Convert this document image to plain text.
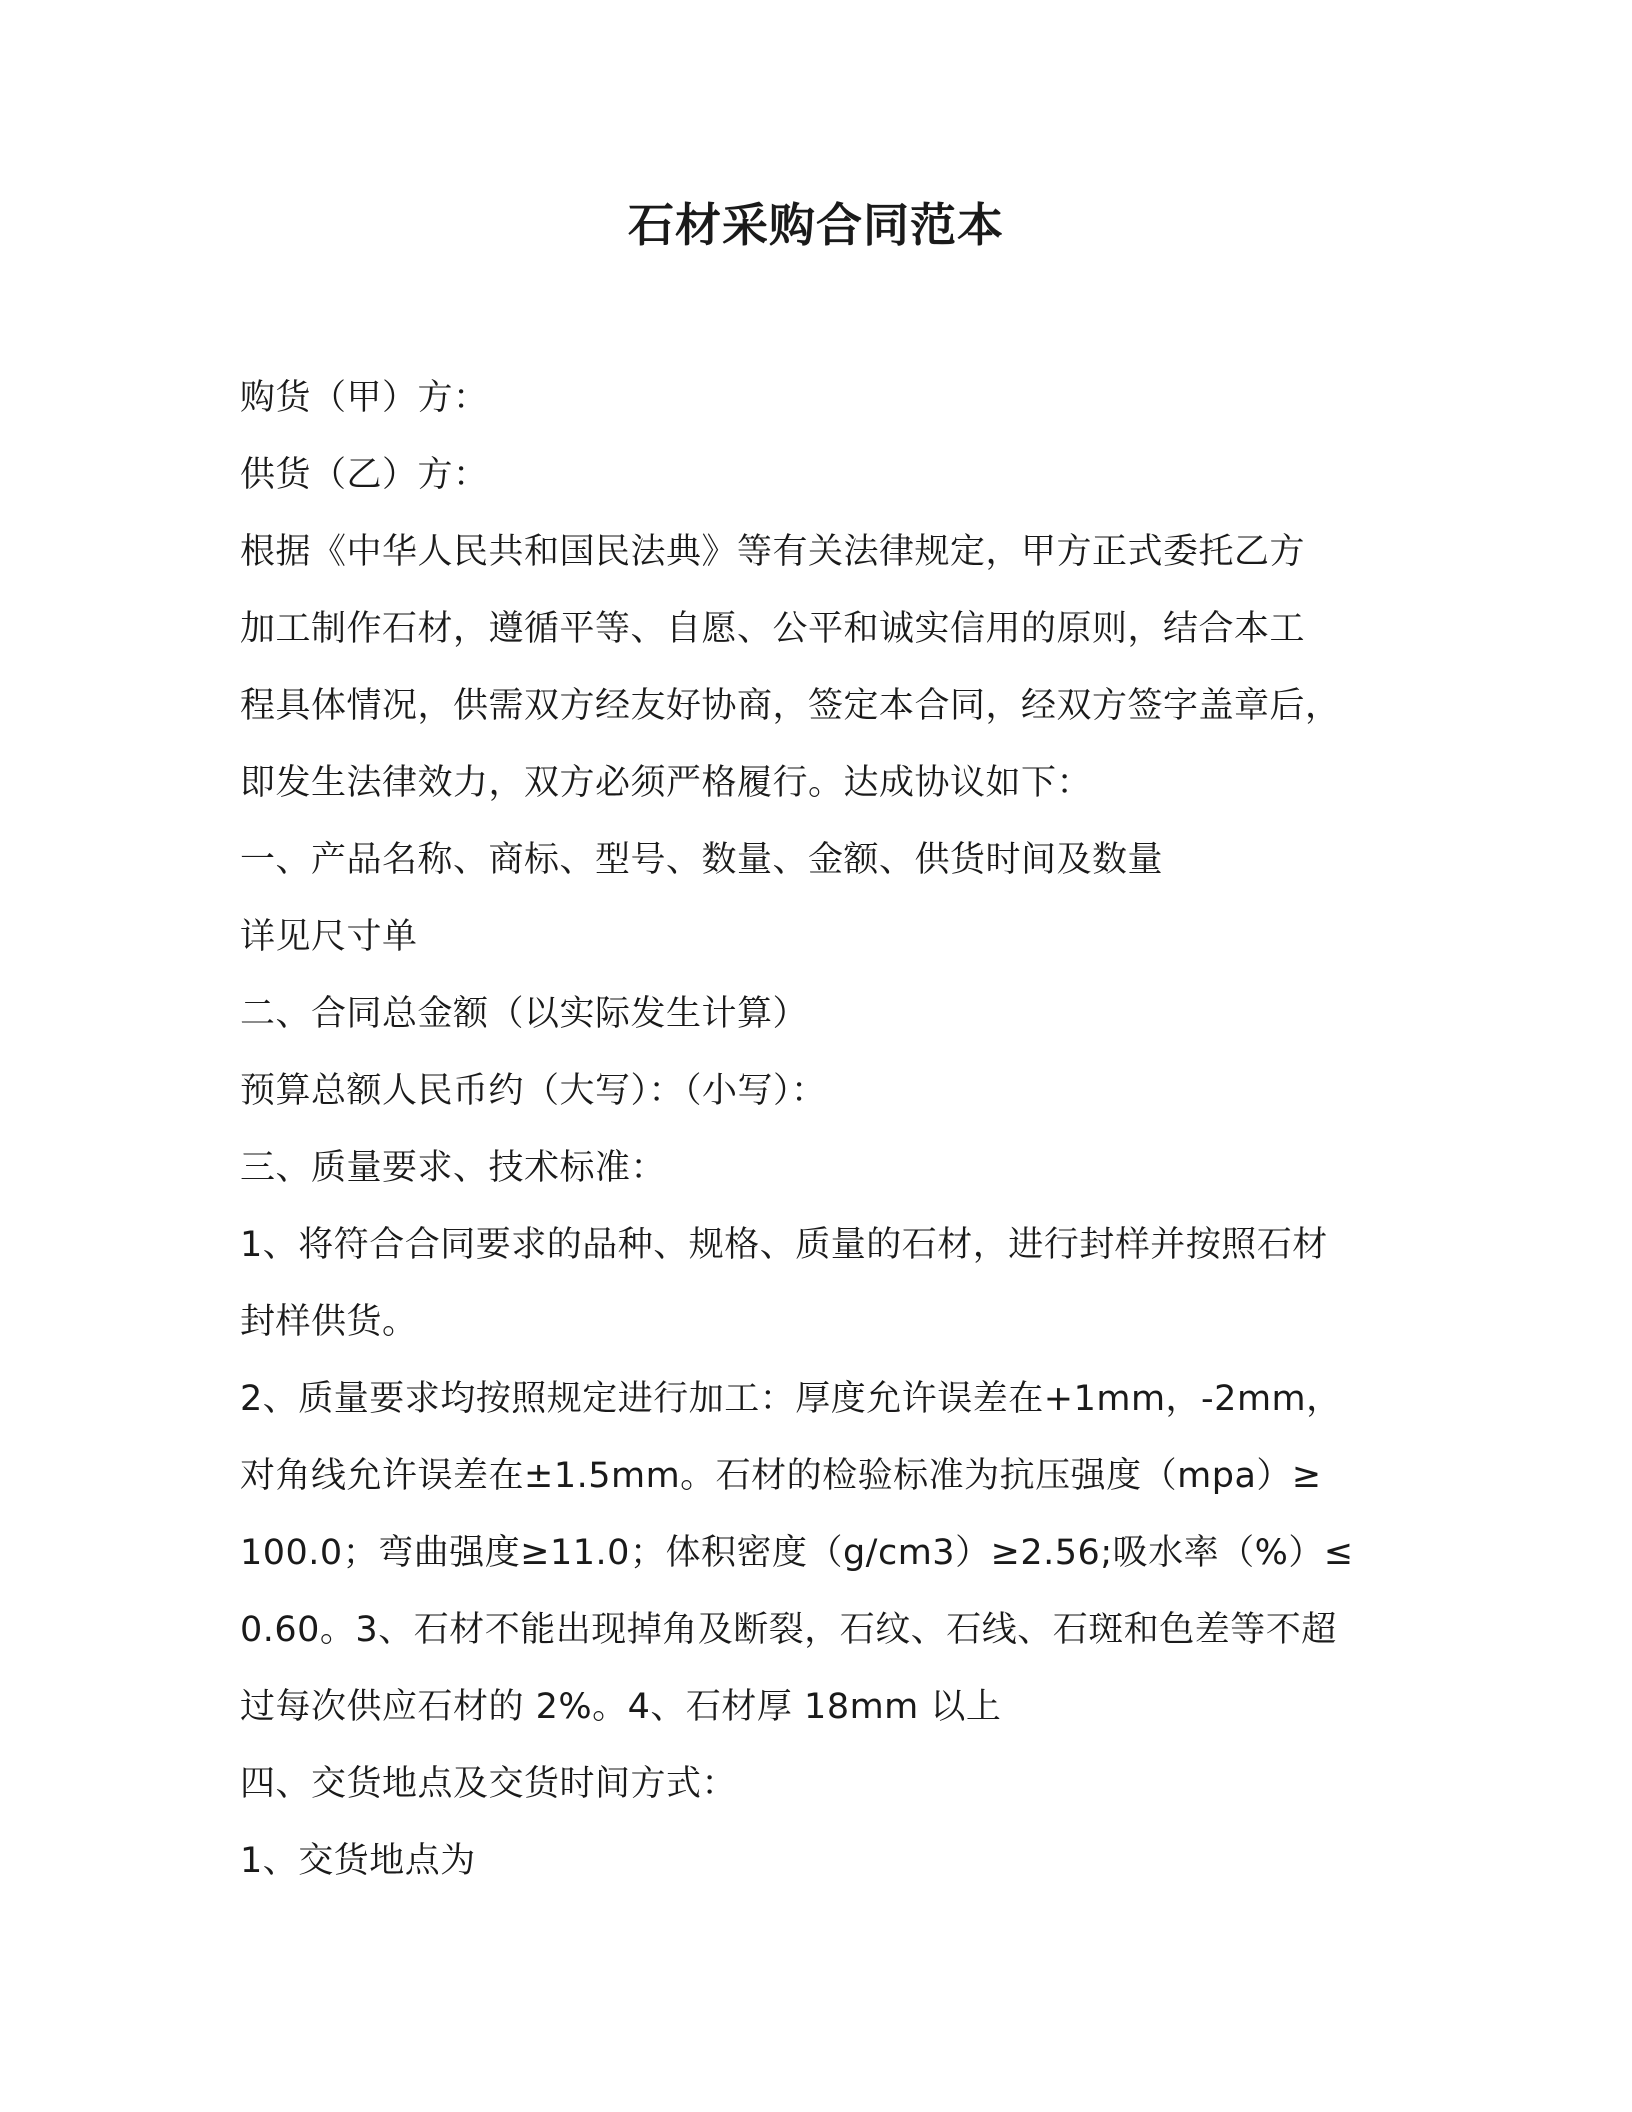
石材采购合同范本

购货（甲）方：

供货（乙）方：

根据《中华人民共和国民法典》等有关法律规定，甲方正式委托乙方

加工制作石材，遵循平等、自愿、公平和诚实信用的原则，结合本工

程具体情况，供需双方经友好协商，签定本合同，经双方签字盖章后，

即发生法律效力，双方必须严格履行。达成协议如下：

一、产品名称、商标、型号、数量、金额、供货时间及数量

详见尺寸单

二、合同总金额（以实际发生计算）

预算总额人民币约（大写）：（小写）：

三、质量要求、技术标准：

1、将符合合同要求的品种、规格、质量的石材，进行封样并按照石材

封样供货。

2、质量要求均按照规定进行加工：厚度允许误差在+1mm，-2mm，

对角线允许误差在±1.5mm。石材的检验标准为抗压强度（mpa）≥

100.0；弯曲强度≥11.0；体积密度（g/cm3）≥2.56;吸水率（%）≤

0.60。3、石材不能出现掉角及断裂，石纹、石线、石斑和色差等不超

过每次供应石材的 2%。4、石材厚 18mm 以上

四、交货地点及交货时间方式：

1、交货地点为
